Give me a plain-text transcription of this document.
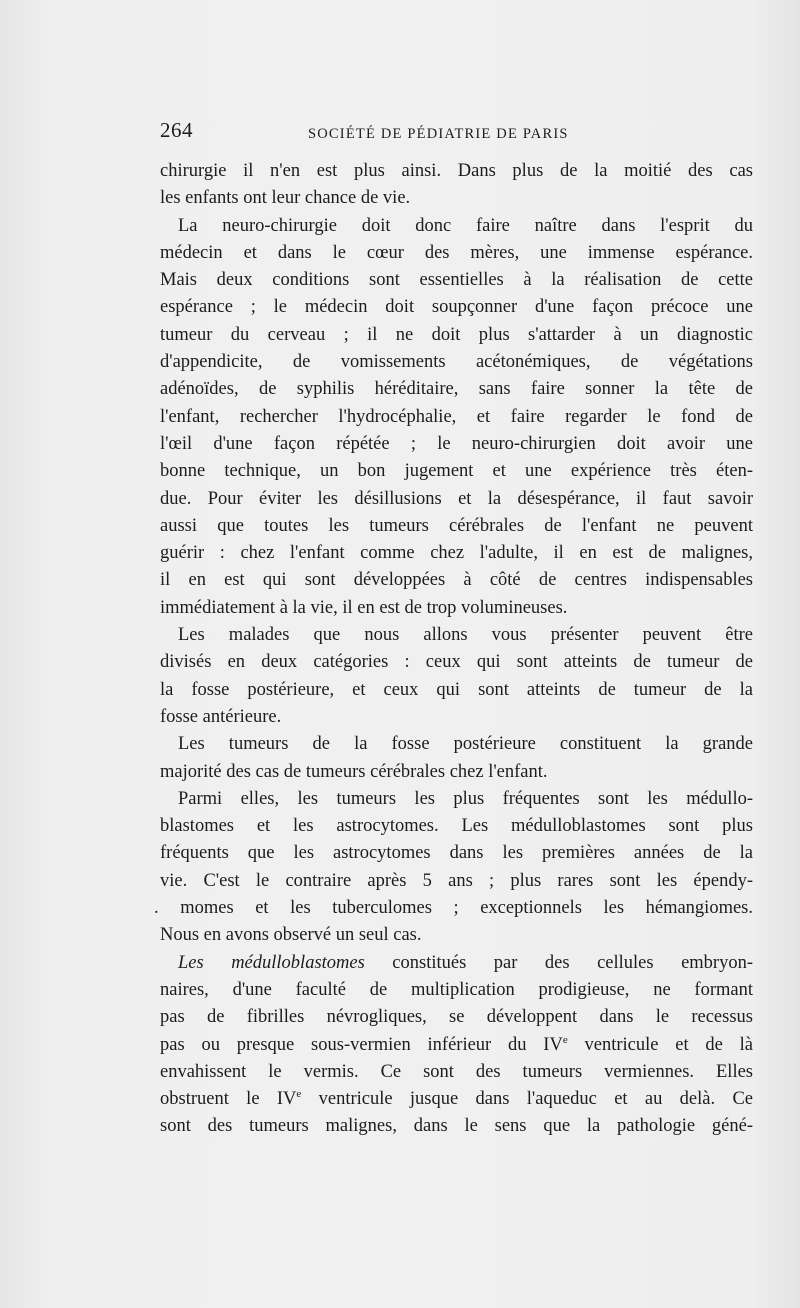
264	SOCIÉTÉ DE PÉDIATRIE DE PARIS
chirurgie il n'en est plus ainsi. Dans plus de la moitié des cas
les enfants ont leur chance de vie.
La neuro-chirurgie doit donc faire naître dans l'esprit du
médecin et dans le cœur des mères, une immense espérance.
Mais deux conditions sont essentielles à la réalisation de cette
espérance ; le médecin doit soupçonner d'une façon précoce une
tumeur du cerveau ; il ne doit plus s'attarder à un diagnostic
d'appendicite, de vomissements acétonémiques, de végétations
adénoïdes, de syphilis héréditaire, sans faire sonner la tête de
l'enfant, rechercher l'hydrocéphalie, et faire regarder le fond de
l'œil d'une façon répétée ; le neuro-chirurgien doit avoir une
bonne technique, un bon jugement et une expérience très éten-
due. Pour éviter les désillusions et la désespérance, il faut savoir
aussi que toutes les tumeurs cérébrales de l'enfant ne peuvent
guérir : chez l'enfant comme chez l'adulte, il en est de malignes,
il en est qui sont développées à côté de centres indispensables
immédiatement à la vie, il en est de trop volumineuses.
Les malades que nous allons vous présenter peuvent être
divisés en deux catégories : ceux qui sont atteints de tumeur de
la fosse postérieure, et ceux qui sont atteints de tumeur de la
fosse antérieure.
Les tumeurs de la fosse postérieure constituent la grande
majorité des cas de tumeurs cérébrales chez l'enfant.
Parmi elles, les tumeurs les plus fréquentes sont les médullo-
blastomes et les astrocytomes. Les médulloblastomes sont plus
fréquents que les astrocytomes dans les premières années de la
vie. C'est le contraire après 5 ans ; plus rares sont les épendy-
. momes et les tuberculomes ; exceptionnels les hémangiomes.
Nous en avons observé un seul cas.
Les médulloblastomes constitués par des cellules embryon-
naires, d'une faculté de multiplication prodigieuse, ne formant
pas de fibrilles névrogliques, se développent dans le recessus
pas ou presque sous-vermien inférieur du IVe ventricule et de là
envahissent le vermis. Ce sont des tumeurs vermiennes. Elles
obstruent le IVe ventricule jusque dans l'aqueduc et au delà. Ce
sont des tumeurs malignes, dans le sens que la pathologie géné-
